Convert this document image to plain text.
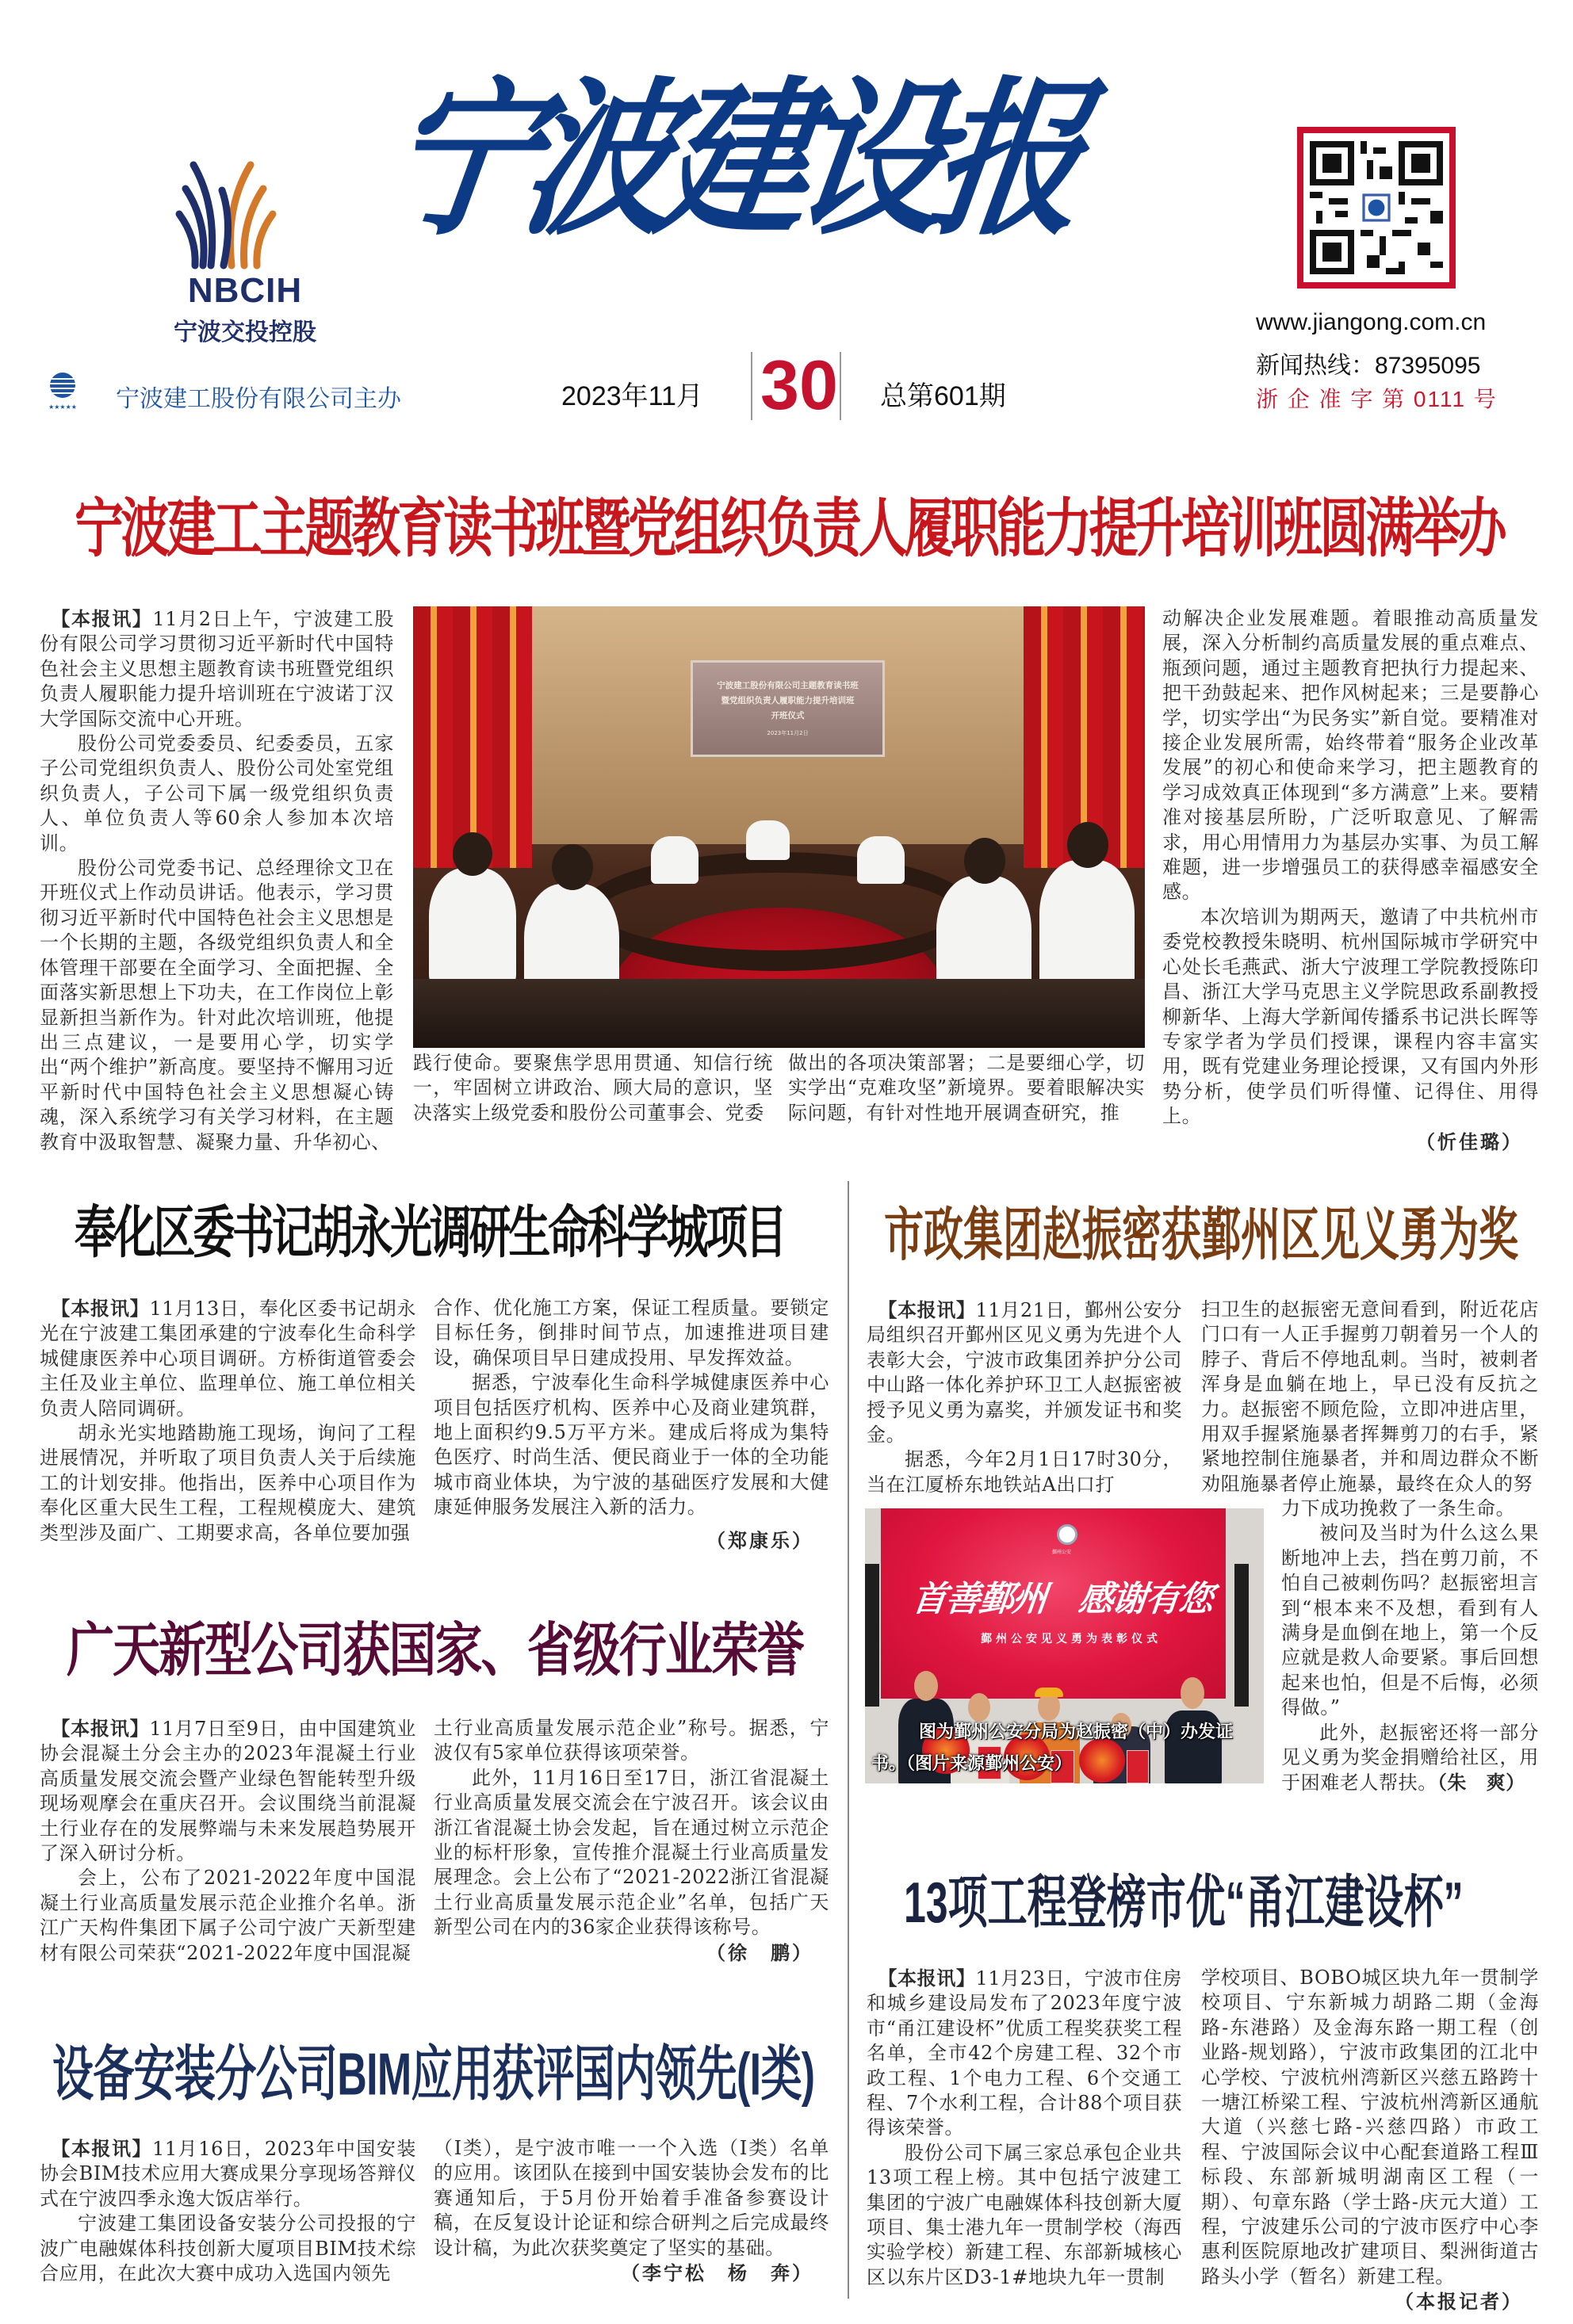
NBCIH
宁波交投控股
宁波建设报
www.jiangong.com.cn
新闻热线：87395095
浙 企 准 字 第 0111 号
★★★★★ 宁波建工股份有限公司主办	2023年11月 30 总第601期
宁波建工主题教育读书班暨党组织负责人履职能力提升培训班圆满举办

【本报讯】11月2日上午，宁波建工股份有限公司学习贯彻习近平新时代中国特色社会主义思想主题教育读书班暨党组织负责人履职能力提升培训班在宁波诺丁汉大学国际交流中心开班。

股份公司党委委员、纪委委员，五家子公司党组织负责人、股份公司处室党组织负责人，子公司下属一级党组织负责人、单位负责人等60余人参加本次培训。

股份公司党委书记、总经理徐文卫在开班仪式上作动员讲话。他表示，学习贯彻习近平新时代中国特色社会主义思想是一个长期的主题，各级党组织负责人和全体管理干部要在全面学习、全面把握、全面落实新思想上下功夫，在工作岗位上彰显新担当新作为。针对此次培训班，他提出三点建议，一是要用心学，切实学出“两个维护”新高度。要坚持不懈用习近平新时代中国特色社会主义思想凝心铸魂，深入系统学习有关学习材料，在主题教育中汲取智慧、凝聚力量、升华初心、

宁波建工股份有限公司主题教育读书班
暨党组织负责人履职能力提升培训班
开班仪式
2023年11月2日

践行使命。要聚焦学思用贯通、知信行统一，牢固树立讲政治、顾大局的意识，坚决落实上级党委和股份公司董事会、党委

做出的各项决策部署；二是要细心学，切实学出“克难攻坚”新境界。要着眼解决实际问题，有针对性地开展调查研究，推

动解决企业发展难题。着眼推动高质量发展，深入分析制约高质量发展的重点难点、瓶颈问题，通过主题教育把执行力提起来、把干劲鼓起来、把作风树起来；三是要静心学，切实学出“为民务实”新自觉。要精准对接企业发展所需，始终带着“服务企业改革发展”的初心和使命来学习，把主题教育的学习成效真正体现到“多方满意”上来。要精准对接基层所盼，广泛听取意见、了解需求，用心用情用力为基层办实事、为员工解难题，进一步增强员工的获得感幸福感安全感。

本次培训为期两天，邀请了中共杭州市委党校教授朱晓明、杭州国际城市学研究中心处长毛燕武、浙大宁波理工学院教授陈印昌、浙江大学马克思主义学院思政系副教授柳新华、上海大学新闻传播系书记洪长晖等专家学者为学员们授课，课程内容丰富实用，既有党建业务理论授课，又有国内外形势分析，使学员们听得懂、记得住、用得上。

（忻佳璐）
奉化区委书记胡永光调研生命科学城项目

【本报讯】11月13日，奉化区委书记胡永光在宁波建工集团承建的宁波奉化生命科学城健康医养中心项目调研。方桥街道管委会主任及业主单位、监理单位、施工单位相关负责人陪同调研。

胡永光实地踏勘施工现场，询问了工程进展情况，并听取了项目负责人关于后续施工的计划安排。他指出，医养中心项目作为奉化区重大民生工程，工程规模庞大、建筑类型涉及面广、工期要求高，各单位要加强

合作、优化施工方案，保证工程质量。要锁定目标任务，倒排时间节点，加速推进项目建设，确保项目早日建成投用、早发挥效益。

据悉，宁波奉化生命科学城健康医养中心项目包括医疗机构、医养中心及商业建筑群，地上面积约9.5万平方米。建成后将成为集特色医疗、时尚生活、便民商业于一体的全功能城市商业体块，为宁波的基础医疗发展和大健康延伸服务发展注入新的活力。

（郑康乐）
广天新型公司获国家、省级行业荣誉

【本报讯】11月7日至9日，由中国建筑业协会混凝土分会主办的2023年混凝土行业高质量发展交流会暨产业绿色智能转型升级现场观摩会在重庆召开。会议围绕当前混凝土行业存在的发展弊端与未来发展趋势展开了深入研讨分析。

会上，公布了2021-2022年度中国混凝土行业高质量发展示范企业推介名单。浙江广天构件集团下属子公司宁波广天新型建材有限公司荣获“2021-2022年度中国混凝

土行业高质量发展示范企业”称号。据悉，宁波仅有5家单位获得该项荣誉。

此外，11月16日至17日，浙江省混凝土行业高质量发展交流会在宁波召开。该会议由浙江省混凝土协会发起，旨在通过树立示范企业的标杆形象，宣传推介混凝土行业高质量发展理念。会上公布了“2021-2022浙江省混凝土行业高质量发展示范企业”名单，包括广天新型公司在内的36家企业获得该称号。

（徐　鹏）
设备安装分公司BIM应用获评国内领先(I类)

【本报讯】11月16日，2023年中国安装协会BIM技术应用大赛成果分享现场答辩仪式在宁波四季永逸大饭店举行。

宁波建工集团设备安装分公司投报的宁波广电融媒体科技创新大厦项目BIM技术综合应用，在此次大赛中成功入选国内领先

（I类），是宁波市唯一一个入选（I类）名单的应用。该团队在接到中国安装协会发布的比赛通知后，于5月份开始着手准备参赛设计稿，在反复设计论证和综合研判之后完成最终设计稿，为此次获奖奠定了坚实的基础。

（李宁松　杨　奔）
市政集团赵振密获鄞州区见义勇为奖

【本报讯】11月21日，鄞州公安分局组织召开鄞州区见义勇为先进个人表彰大会，宁波市政集团养护分公司中山路一体化养护环卫工人赵振密被授予见义勇为嘉奖，并颁发证书和奖金。

据悉，今年2月1日17时30分，当在江厦桥东地铁站A出口打

扫卫生的赵振密无意间看到，附近花店门口有一人正手握剪刀朝着另一个人的脖子、背后不停地乱刺。当时，被刺者浑身是血躺在地上，早已没有反抗之力。赵振密不顾危险，立即冲进店里，用双手握紧施暴者挥舞剪刀的右手，紧紧地控制住施暴者，并和周边群众不断劝阻施暴者停止施暴，最终在众人的努

力下成功挽救了一条生命。

被问及当时为什么这么果断地冲上去，挡在剪刀前，不怕自己被刺伤吗？赵振密坦言到“根本来不及想，看到有人满身是血倒在地上，第一个反应就是救人命要紧。事后回想起来也怕，但是不后悔，必须得做。”

此外，赵振密还将一部分见义勇为奖金捐赠给社区，用于困难老人帮扶。（朱　爽）

鄞州公安
首善鄞州　感谢有您
鄞州公安见义勇为表彰仪式
图为鄞州公安分局为赵振密（中）办发证书。（图片来源鄞州公安）
13项工程登榜市优“甬江建设杯”

【本报讯】11月23日，宁波市住房和城乡建设局发布了2023年度宁波市“甬江建设杯”优质工程奖获奖工程名单，全市42个房建工程、32个市政工程、1个电力工程、6个交通工程、7个水利工程，合计88个项目获得该荣誉。

股份公司下属三家总承包企业共13项工程上榜。其中包括宁波建工集团的宁波广电融媒体科技创新大厦项目、集士港九年一贯制学校（海西实验学校）新建工程、东部新城核心区以东片区D3-1#地块九年一贯制

学校项目、BOBO城区块九年一贯制学校项目、宁东新城力胡路二期（金海路-东港路）及金海东路一期工程（创业路-规划路），宁波市政集团的江北中心学校、宁波杭州湾新区兴慈五路跨十一塘江桥梁工程、宁波杭州湾新区通航大道（兴慈七路-兴慈四路）市政工程、宁波国际会议中心配套道路工程Ⅲ标段、东部新城明湖南区工程（一期）、句章东路（学士路-庆元大道）工程，宁波建乐公司的宁波市医疗中心李惠利医院原地改扩建项目、梨洲街道古路头小学（暂名）新建工程。

（本报记者）
